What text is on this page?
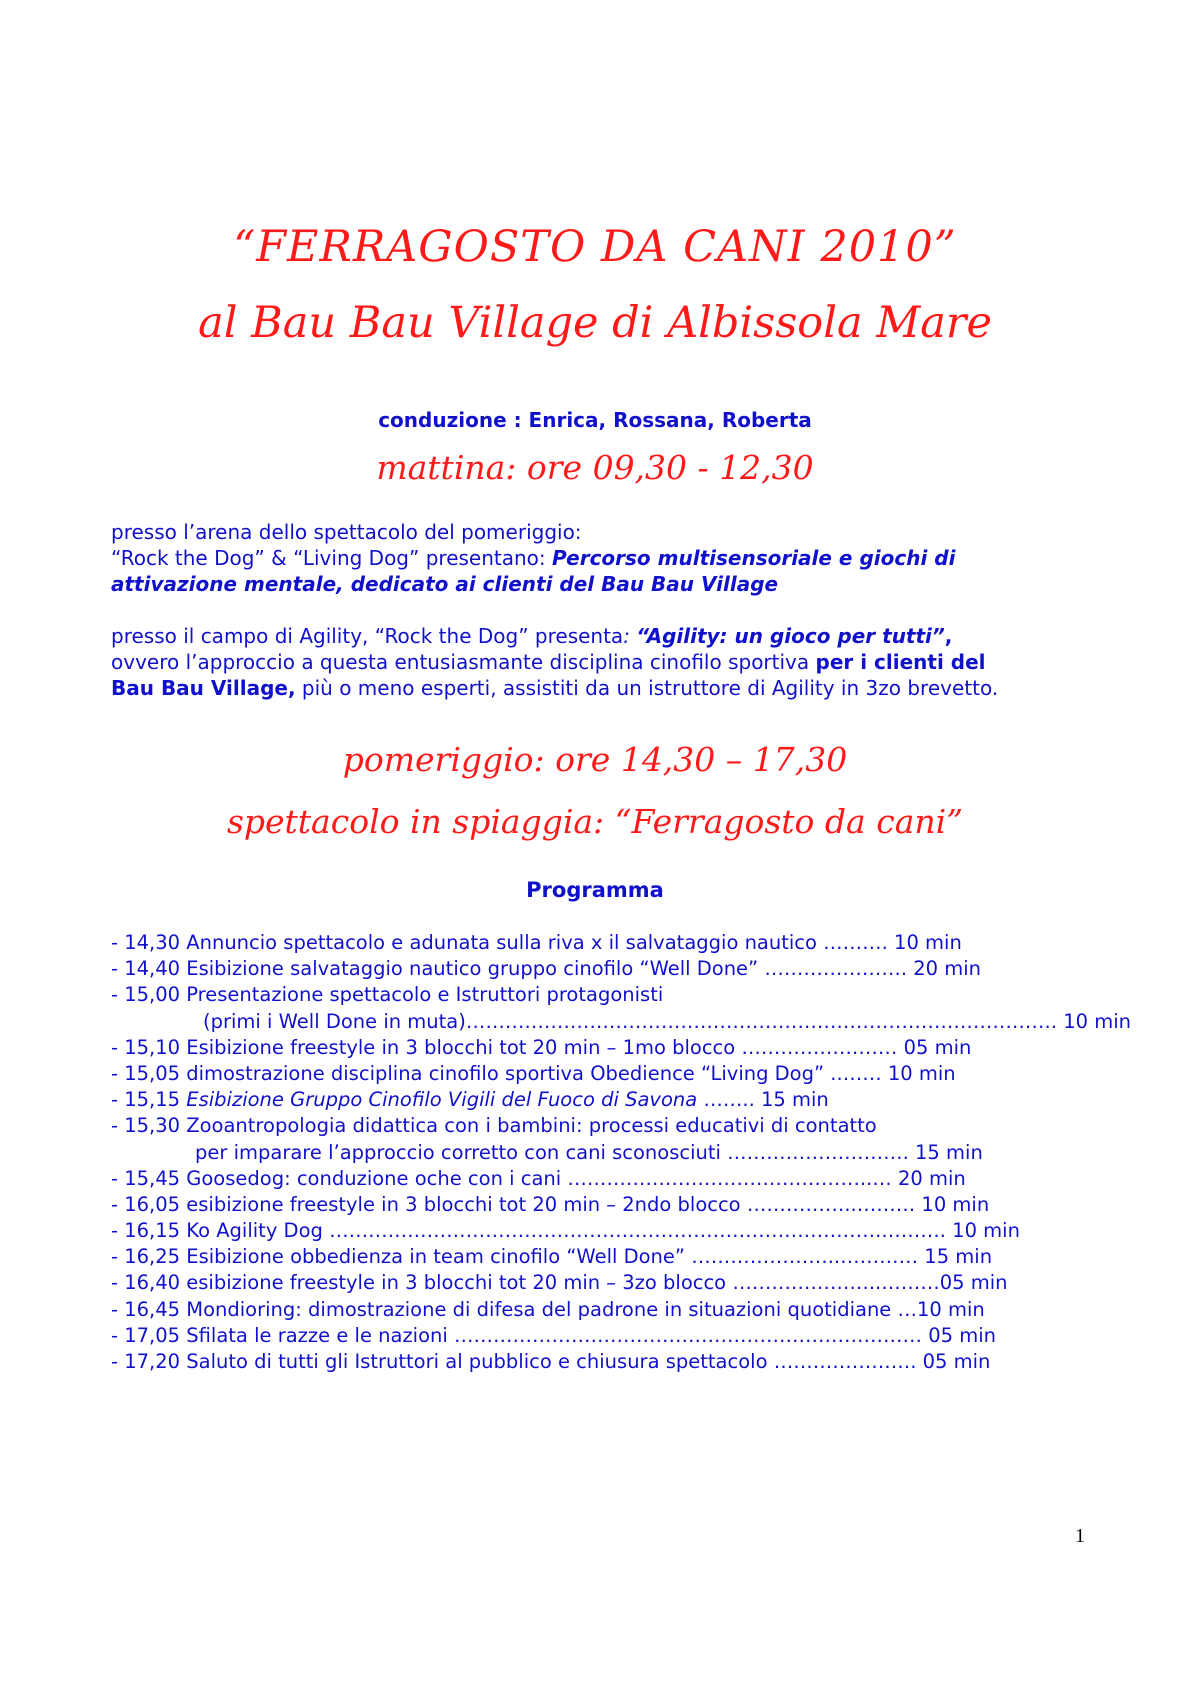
“FERRAGOSTO DA CANI 2010”
al Bau Bau Village di Albissola Mare
conduzione : Enrica, Rossana, Roberta
mattina: ore 09,30 - 12,30
presso l’arena dello spettacolo del pomeriggio:
“Rock the Dog” & “Living Dog” presentano: Percorso multisensoriale e giochi di
attivazione mentale, dedicato ai clienti del Bau Bau Village
presso il campo di Agility, “Rock the Dog” presenta: “Agility: un gioco per tutti”,
ovvero l’approccio a questa entusiasmante disciplina cinofilo sportiva per i clienti del
Bau Bau Village, più o meno esperti, assistiti da un istruttore di Agility in 3zo brevetto.
pomeriggio: ore 14,30 – 17,30
spettacolo in spiaggia: “Ferragosto da cani”
Programma
- 14,30 Annuncio spettacolo e adunata sulla riva x il salvataggio nautico ………. 10 min
- 14,40 Esibizione salvataggio nautico gruppo cinofilo “Well Done” …………………. 20 min
- 15,00 Presentazione spettacolo e Istruttori protagonisti
(primi i Well Done in muta)………………………………………………………………………………. 10 min
- 15,10 Esibizione freestyle in 3 blocchi tot 20 min – 1mo blocco …………………… 05 min
- 15,05 dimostrazione disciplina cinofilo sportiva Obedience “Living Dog” ..…… 10 min
- 15,15 Esibizione Gruppo Cinofilo Vigili del Fuoco di Savona …….. 15 min
- 15,30 Zooantropologia didattica con i bambini: processi educativi di contatto
per imparare l’approccio corretto con cani sconosciuti ………………………. 15 min
- 15,45 Goosedog: conduzione oche con i cani ………………………………………..… 20 min
- 16,05 esibizione freestyle in 3 blocchi tot 20 min – 2ndo blocco ……………..……… 10 min
- 16,15 Ko Agility Dog ………………………………………………………………………….………. 10 min
- 16,25 Esibizione obbedienza in team cinofilo “Well Done” …………………..………… 15 min
- 16,40 esibizione freestyle in 3 blocchi tot 20 min – 3zo blocco …………………..………05 min
- 16,45 Mondioring: dimostrazione di difesa del padrone in situazioni quotidiane …10 min
- 17,05 Sfilata le razze e le nazioni ……………………………………………………………… 05 min
- 17,20 Saluto di tutti gli Istruttori al pubblico e chiusura spettacolo …………………. 05 min
1
